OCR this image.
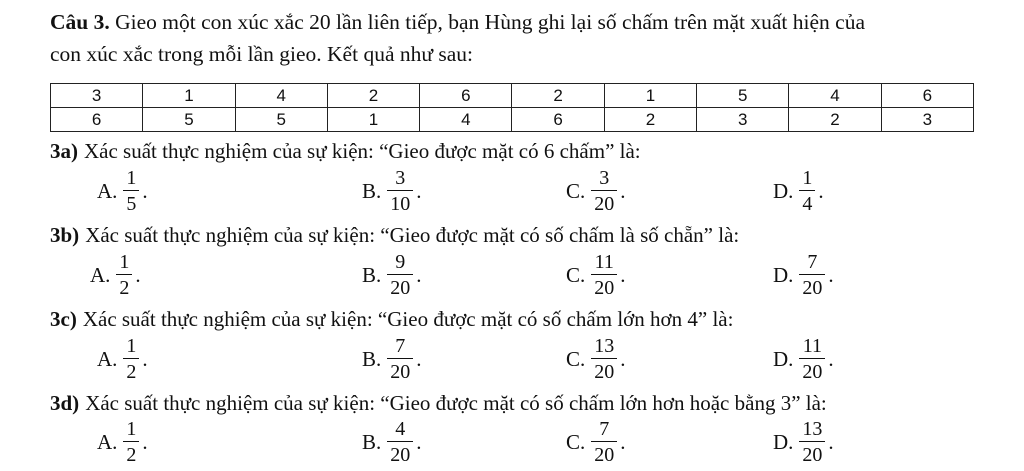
Câu 3. Gieo một con xúc xắc 20 lần liên tiếp, bạn Hùng ghi lại số chấm trên mặt xuất hiện của
con xúc xắc trong mỗi lần gieo. Kết quả như sau:
3	1	4	2	6	2	1	5	4	6
6	5	5	1	4	6	2	3	2	3
3a) Xác suất thực nghiệm của sự kiện: “Gieo được mặt có 6 chấm” là:
A. $\frac{1}{5}$ .	B. $\frac{3}{10}$ .	C. $\frac{3}{20}$ .	D. $\frac{1}{4}$ .
3b) Xác suất thực nghiệm của sự kiện: “Gieo được mặt có số chấm là số chẵn” là:
A. $\frac{1}{2}$ .	B. $\frac{9}{20}$ .	C. $\frac{11}{20}$ .	D. $\frac{7}{20}$ .
3c) Xác suất thực nghiệm của sự kiện: “Gieo được mặt có số chấm lớn hơn 4” là:
A. $\frac{1}{2}$ .	B. $\frac{7}{20}$ .	C. $\frac{13}{20}$ .	D. $\frac{11}{20}$ .
3d) Xác suất thực nghiệm của sự kiện: “Gieo được mặt có số chấm lớn hơn hoặc bằng 3” là:
A. $\frac{1}{2}$ .	B. $\frac{4}{20}$ .	C. $\frac{7}{20}$ .	D. $\frac{13}{20}$ .
